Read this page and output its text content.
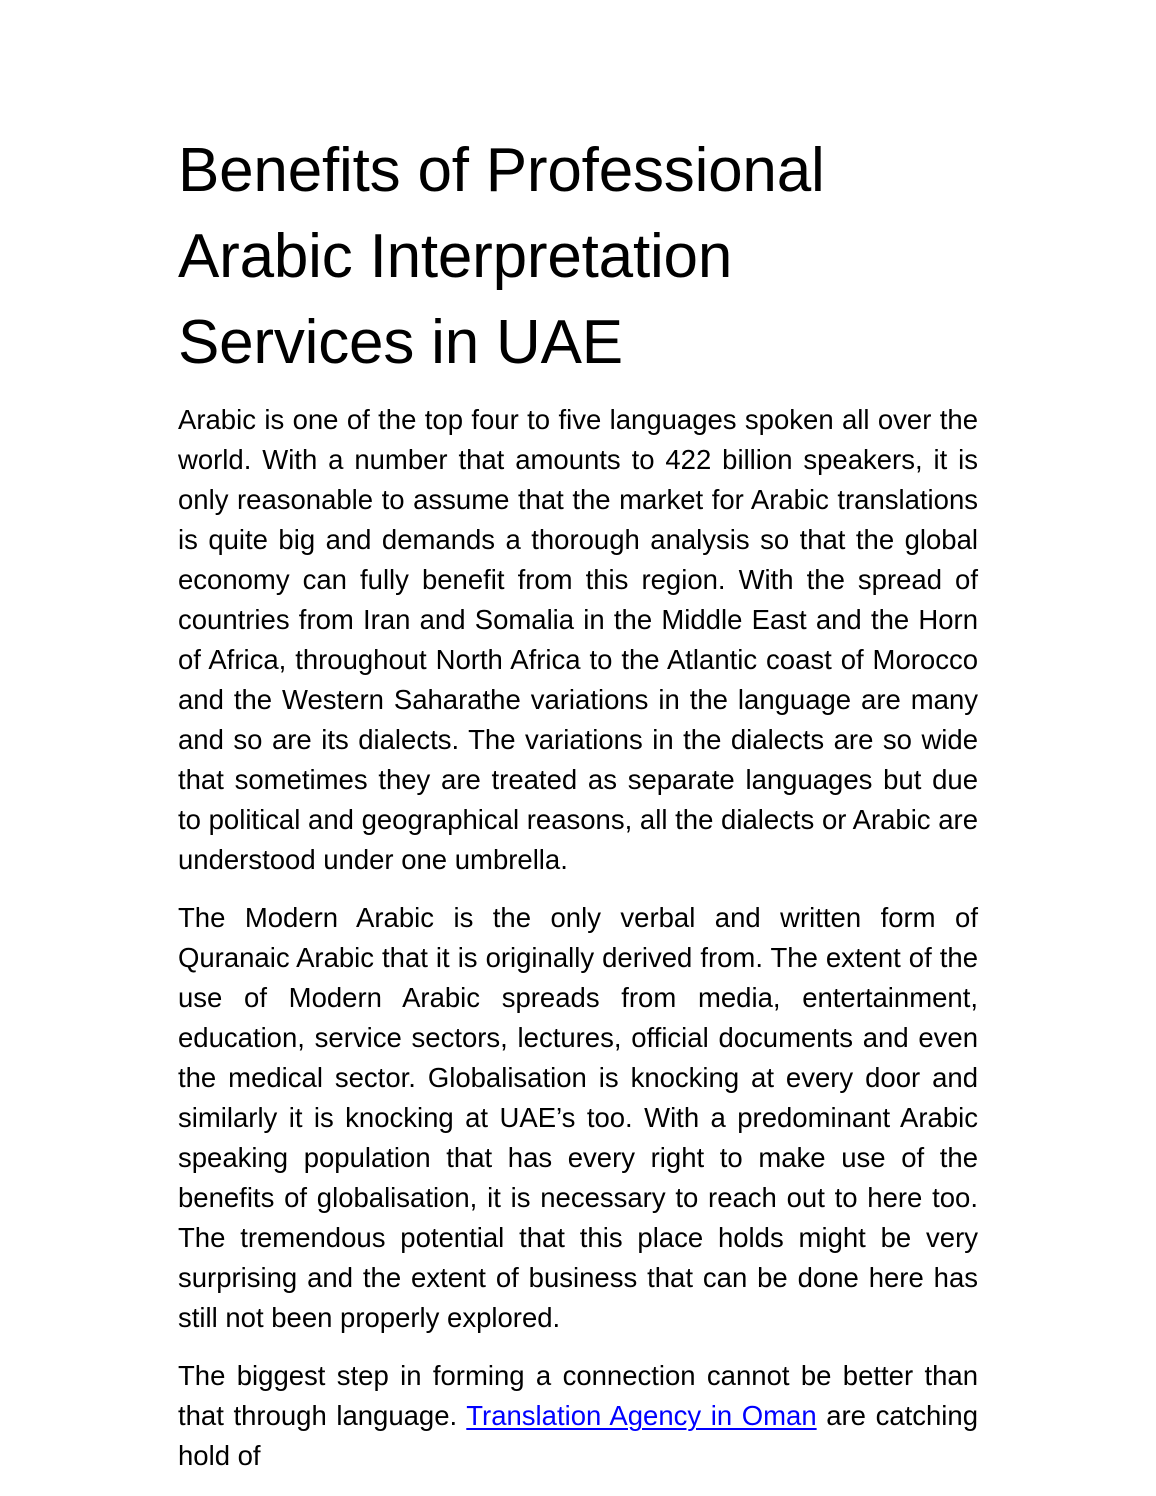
Benefits of Professional Arabic Interpretation Services in UAE

Arabic is one of the top four to five languages spoken all over the world. With a number that amounts to 422 billion speakers, it is only reasonable to assume that the market for Arabic translations is quite big and demands a thorough analysis so that the global economy can fully benefit from this region. With the spread of countries from Iran and Somalia in the Middle East and the Horn of Africa, throughout North Africa to the Atlantic coast of Morocco and the Western Saharathe variations in the language are many and so are its dialects. The variations in the dialects are so wide that sometimes they are treated as separate languages but due to political and geographical reasons, all the dialects or Arabic are understood under one umbrella.

The Modern Arabic is the only verbal and written form of Quranaic Arabic that it is originally derived from. The extent of the use of Modern Arabic spreads from media, entertainment, education, service sectors, lectures, official documents and even the medical sector. Globalisation is knocking at every door and similarly it is knocking at UAE’s too. With a predominant Arabic speaking population that has every right to make use of the benefits of globalisation, it is necessary to reach out to here too. The tremendous potential that this place holds might be very surprising and the extent of business that can be done here has still not been properly explored.

The biggest step in forming a connection cannot be better than that through language. Translation Agency in Oman are catching hold of
